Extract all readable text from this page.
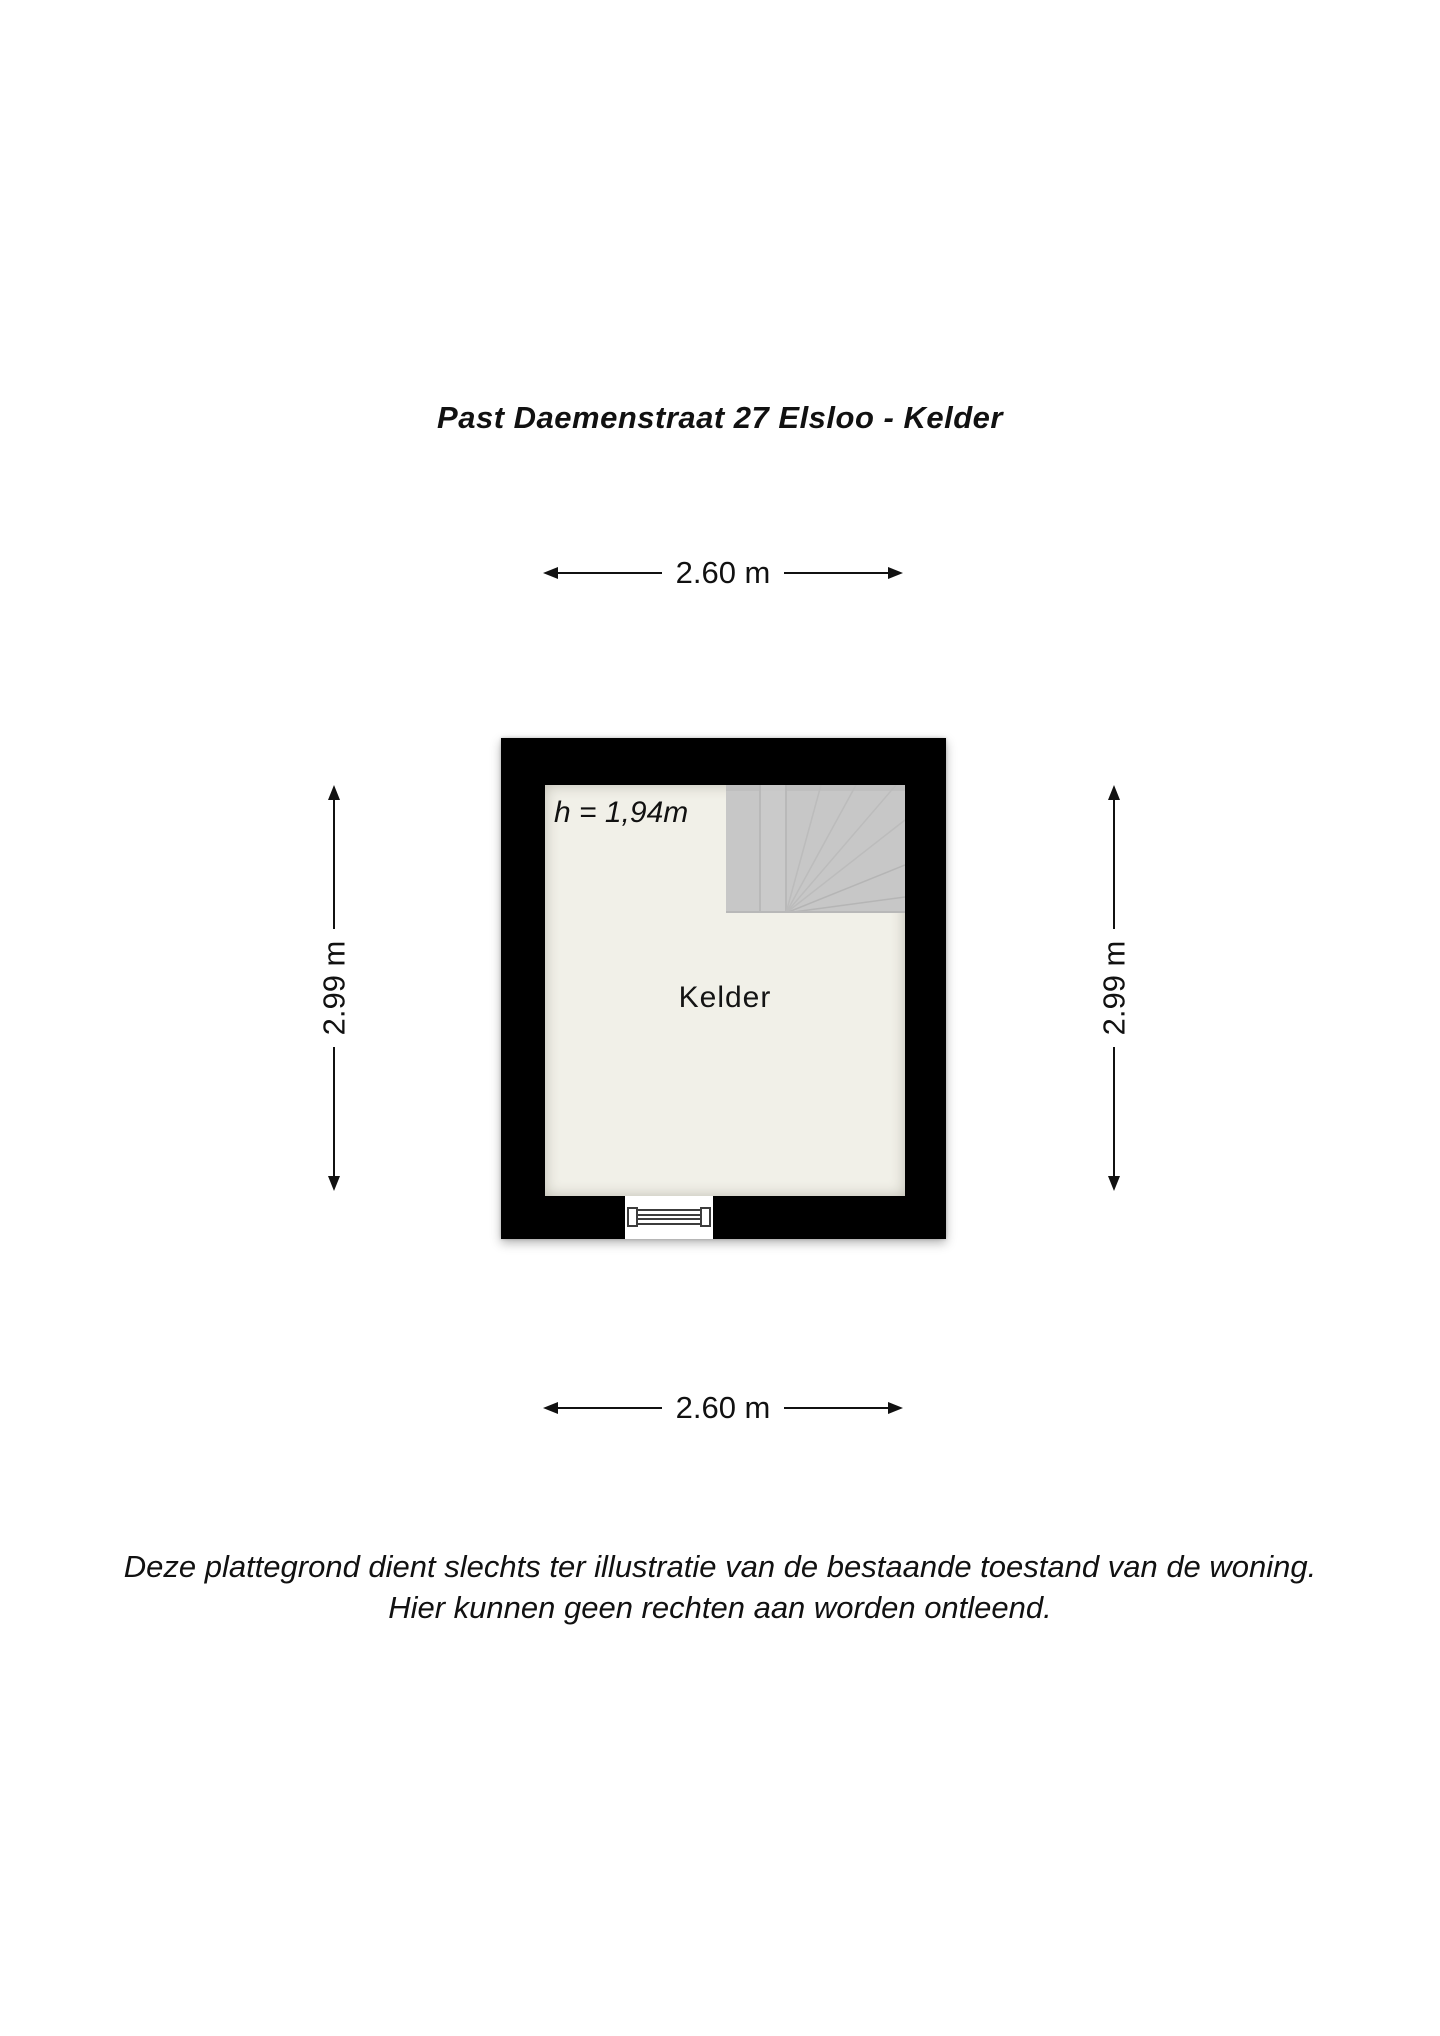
Past Daemenstraat 27 Elsloo - Kelder
2.60 m
2.99 m	2.99 m
h = 1,94m
Kelder
2.60 m
Deze plattegrond dient slechts ter illustratie van de bestaande toestand van de woning.
Hier kunnen geen rechten aan worden ontleend.
